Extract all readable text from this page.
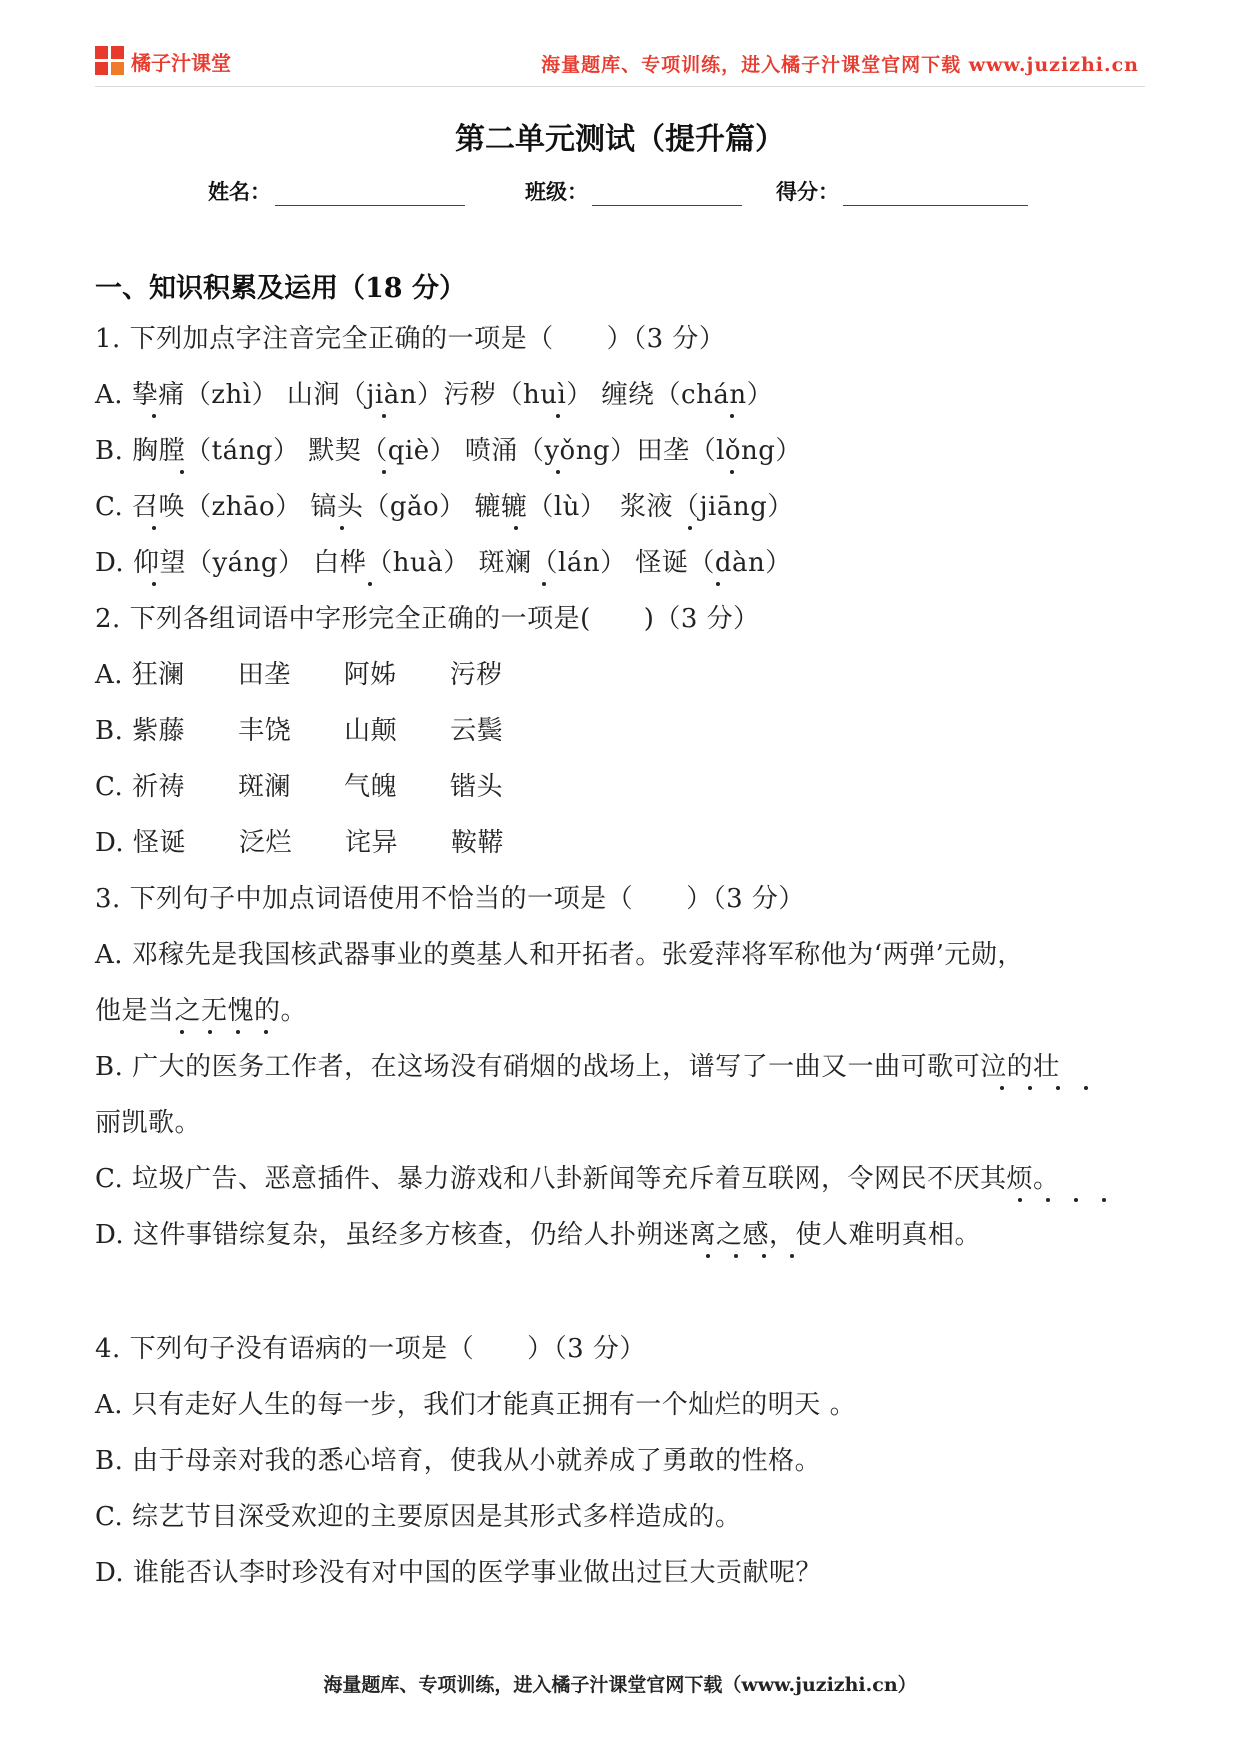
橘子汁课堂	海量题库、专项训练，进入橘子汁课堂官网下载 www.juzizhi.cn
第二单元测试（提升篇）
姓名：	班级：	得分：
一、知识积累及运用（18 分）
1. 下列加点字注音完全正确的一项是（　　）（3 分）
A. 挚痛（zhì） 山涧（jiàn）污秽（huì） 缠绕（chán）
B. 胸膛（táng） 默契（qiè） 喷涌（yǒng）田垄（lǒng）
C. 召唤（zhāo） 镐头（gǎo） 辘辘（lù）　浆液（jiāng）
D. 仰望（yáng） 白桦（huà） 斑斓（lán） 怪诞（dàn）
2. 下列各组词语中字形完全正确的一项是(　　)（3 分）
A. 狂澜　　田垄　　阿姊　　污秽
B. 紫藤　　丰饶　　山颠　　云鬓
C. 祈祷　　斑澜　　气魄　　锴头
D. 怪诞　　泛烂　　诧异　　鞍鞯
3. 下列句子中加点词语使用不恰当的一项是（　　）（3 分）
A. 邓稼先是我国核武器事业的奠基人和开拓者。张爱萍将军称他为‘两弹’元勋，
他是当之无愧的。
B. 广大的医务工作者，在这场没有硝烟的战场上，谱写了一曲又一曲可歌可泣的壮
丽凯歌。
C. 垃圾广告、恶意插件、暴力游戏和八卦新闻等充斥着互联网，令网民不厌其烦。
D. 这件事错综复杂，虽经多方核查，仍给人扑朔迷离之感，使人难明真相。
4. 下列句子没有语病的一项是（　　）（3 分）
A. 只有走好人生的每一步，我们才能真正拥有一个灿烂的明天 。
B. 由于母亲对我的悉心培育，使我从小就养成了勇敢的性格。
C. 综艺节目深受欢迎的主要原因是其形式多样造成的。
D. 谁能否认李时珍没有对中国的医学事业做出过巨大贡献呢？
海量题库、专项训练，进入橘子汁课堂官网下载（www.juzizhi.cn）
